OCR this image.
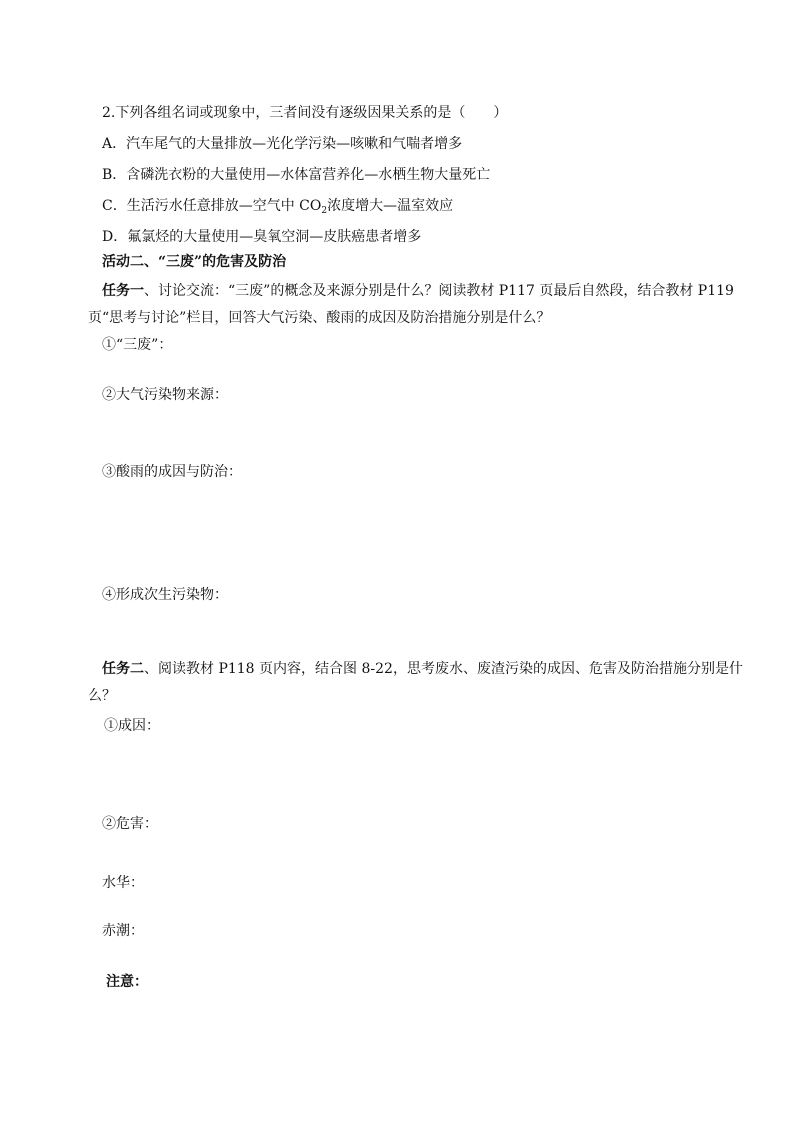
2.下列各组名词或现象中，三者间没有逐级因果关系的是（　　）
A．汽车尾气的大量排放—光化学污染—咳嗽和气喘者增多
B．含磷洗衣粉的大量使用—水体富营养化—水栖生物大量死亡
C．生活污水任意排放—空气中 $CO_2$浓度增大—温室效应
D．氟氯烃的大量使用—臭氧空洞—皮肤癌患者增多
活动二、“三废”的危害及防治
任务一、讨论交流：“三废”的概念及来源分别是什么？阅读教材 P117 页最后自然段，结合教材 P119
页“思考与讨论”栏目，回答大气污染、酸雨的成因及防治措施分别是什么？
①“三废”：
②大气污染物来源：
③酸雨的成因与防治：
④形成次生污染物：
任务二、阅读教材 P118 页内容，结合图 8-22，思考废水、废渣污染的成因、危害及防治措施分别是什
么？
①成因：
②危害：
水华：
赤潮：
注意：
